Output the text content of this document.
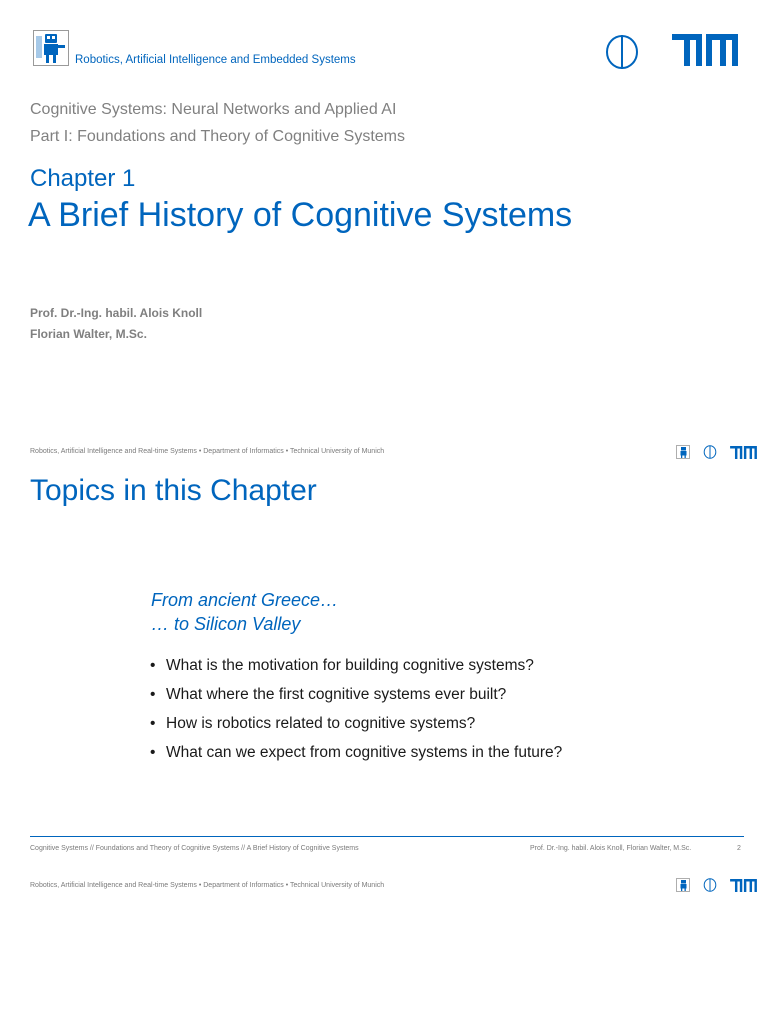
Robotics, Artificial Intelligence and Embedded Systems
Cognitive Systems: Neural Networks and Applied AI
Part I: Foundations and Theory of Cognitive Systems
Chapter 1
A Brief History of Cognitive Systems
Prof. Dr.-Ing. habil. Alois Knoll
Florian Walter, M.Sc.
Robotics, Artificial Intelligence and Real-time Systems • Department of Informatics • Technical University of Munich
Topics in this Chapter
From ancient Greece…
… to Silicon Valley
• What is the motivation for building cognitive systems?
• What where the first cognitive systems ever built?
• How is robotics related to cognitive systems?
• What can we expect from cognitive systems in the future?
Cognitive Systems // Foundations and Theory of Cognitive Systems // A Brief History of Cognitive Systems	Prof. Dr.-Ing. habil. Alois Knoll, Florian Walter, M.Sc.	2
Robotics, Artificial Intelligence and Real-time Systems • Department of Informatics • Technical University of Munich
